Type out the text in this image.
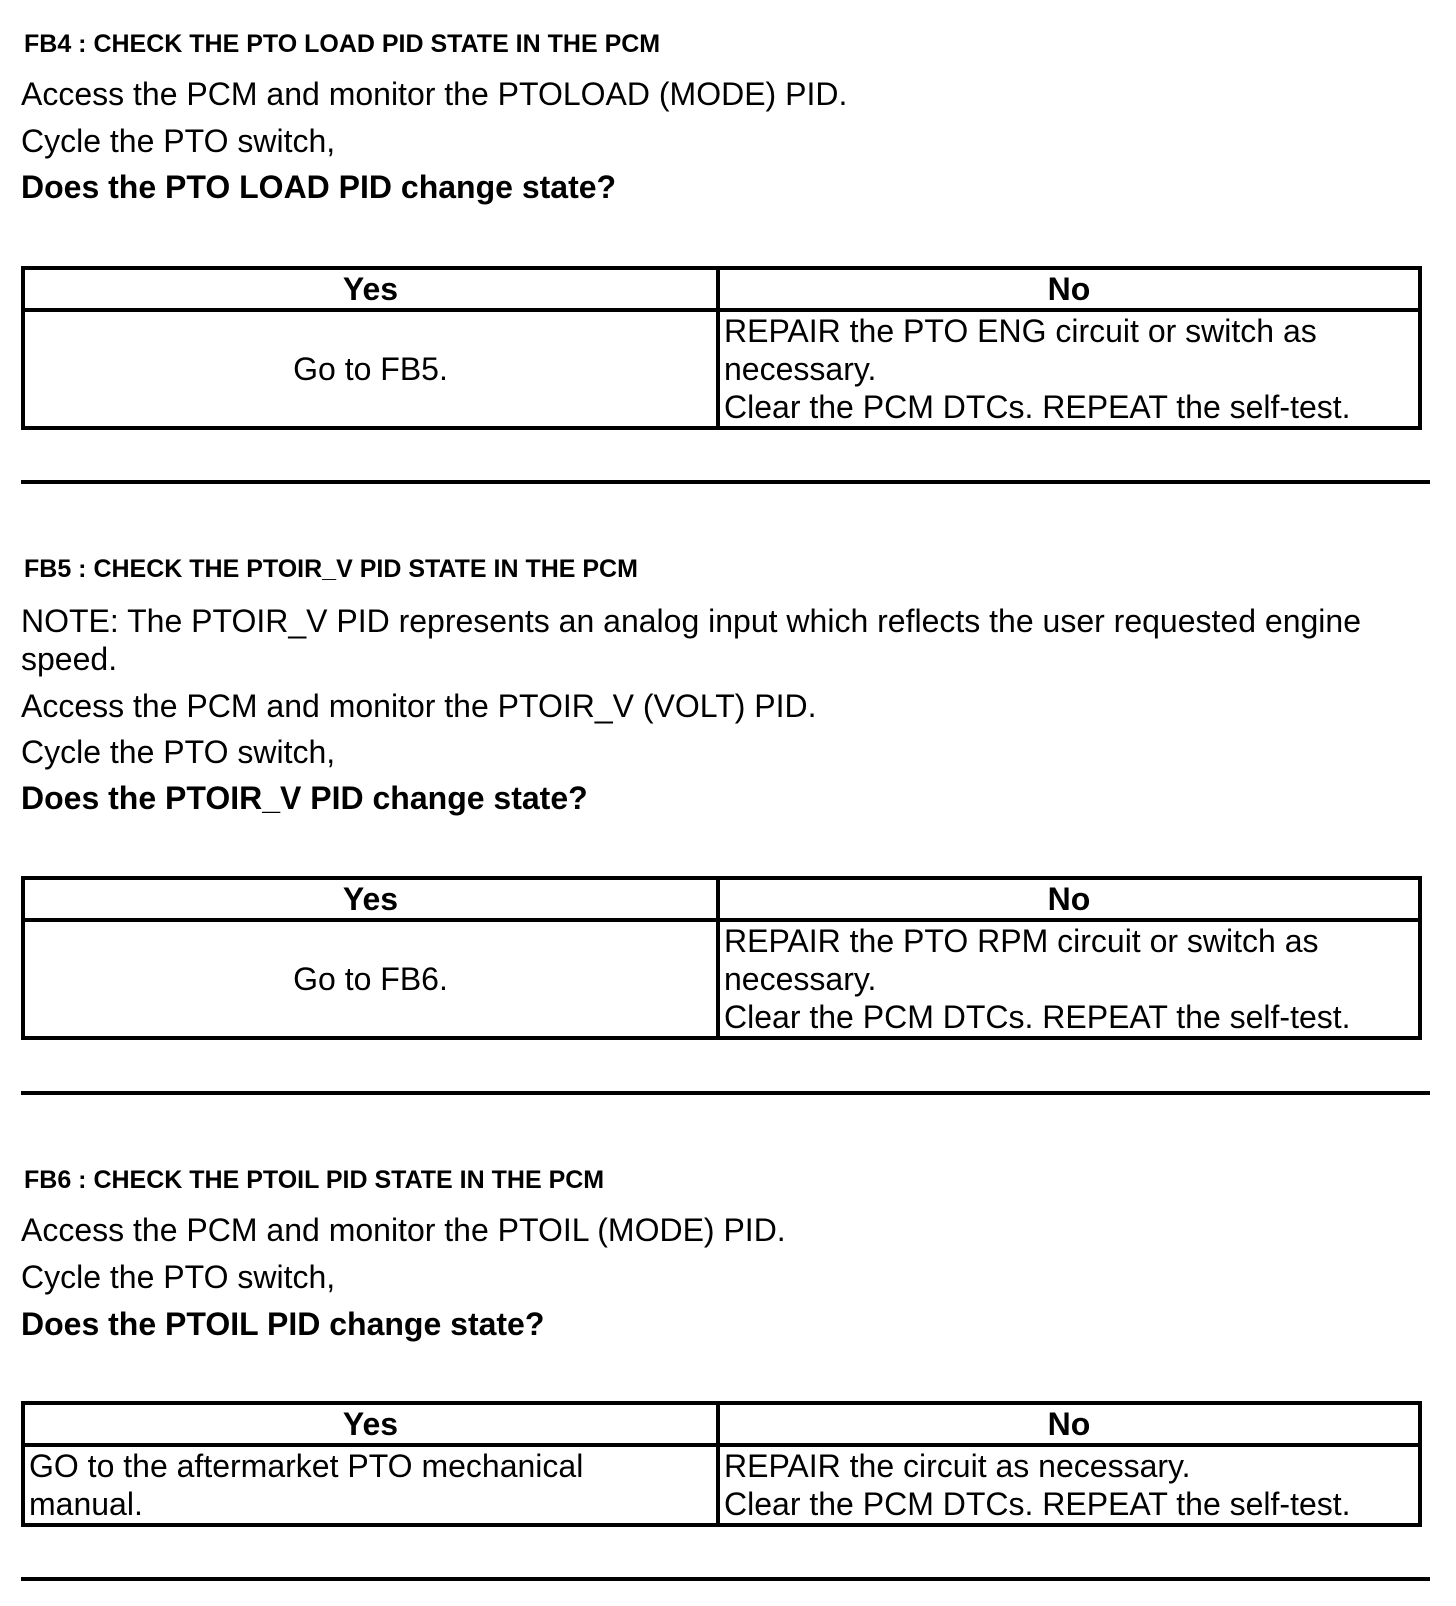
FB4 : CHECK THE PTO LOAD PID STATE IN THE PCM
Access the PCM and monitor the PTOLOAD (MODE) PID.
Cycle the PTO switch,
Does the PTO LOAD PID change state?
Yes	No
Go to FB5.	REPAIR the PTO ENG circuit or switch as
necessary.
Clear the PCM DTCs. REPEAT the self-test.
FB5 : CHECK THE PTOIR_V PID STATE IN THE PCM
NOTE: The PTOIR_V PID represents an analog input which reflects the user requested engine speed.
Access the PCM and monitor the PTOIR_V (VOLT) PID.
Cycle the PTO switch,
Does the PTOIR_V PID change state?
Yes	No
Go to FB6.	REPAIR the PTO RPM circuit or switch as
necessary.
Clear the PCM DTCs. REPEAT the self-test.
FB6 : CHECK THE PTOIL PID STATE IN THE PCM
Access the PCM and monitor the PTOIL (MODE) PID.
Cycle the PTO switch,
Does the PTOIL PID change state?
Yes	No

GO to the aftermarket PTO mechanical
manual.	REPAIR the circuit as necessary.
Clear the PCM DTCs. REPEAT the self-test.
